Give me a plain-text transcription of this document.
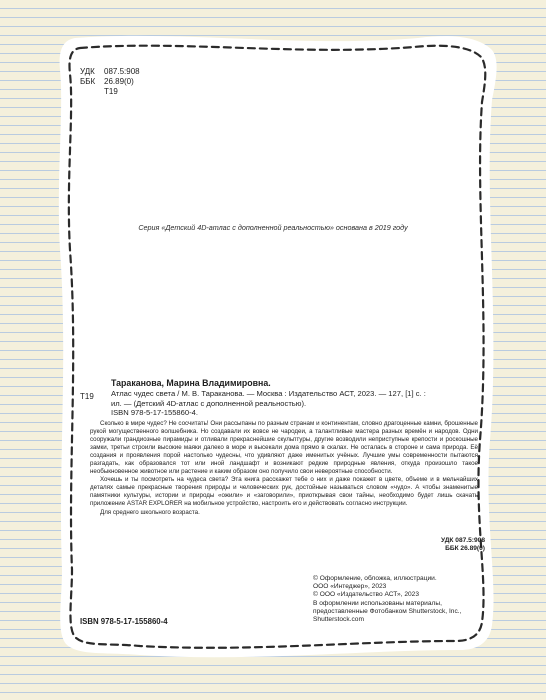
УДК	087.5:908
ББК	26.89(0)
Т19

Серия «Детский 4D-атлас с дополненной реальностью» основана в 2019 году

Тараканова, Марина Владимировна.

Т19 Атлас чудес света / М. В. Тараканова. — Москва : Издательство АСТ, 2023. — 127, [1] с. :
ил. — (Детский 4D-атлас с дополненной реальностью).
ISBN 978-5-17-155860-4.

Сколько в мире чудес? Не сосчитать! Они рассыпаны по разным странам и континентам, словно драгоценные камни, брошенные рукой могущественного волшебника. Но создавали их вовсе не чародеи, а талантливые мастера разных времён и народов. Одни сооружали грандиозные пирамиды и отливали прекраснейшие скульптуры, другие возводили неприступные крепости и роскошные замки, третьи строили высокие маяки далеко в море и высекали дома прямо в скалах. Не осталась в стороне и сама природа. Её создания и проявления порой настолько чудесны, что удивляют даже именитых учёных. Лучшие умы современности пытаются разгадать, как образовался тот или иной ландшафт и возникают редкие природные явления, откуда произошло такое необыкновенное животное или растение и каким образом оно получило свои невероятные способности.

Хочешь и ты посмотреть на чудеса света? Эта книга расскажет тебе о них и даже покажет в цвете, объеме и в мельчайших деталях самые прекрасные творения природы и человеческих рук, достойные называться словом «чудо». А чтобы знаменитые памятники культуры, истории и природы «ожили» и «заговорили», приоткрывая свои тайны, необходимо будет лишь скачать приложение ASTAR EXPLORER на мобильное устройство, настроить его и действовать согласно инструкции.

Для среднего школьного возраста.

УДК 087.5:908
ББК 26.89(0)
© Оформление, обложка, иллюстрации.
ООО «Интеджер», 2023
© ООО «Издательство АСТ», 2023
В оформлении использованы материалы,
предоставленные Фотобанком Shutterstock, Inc.,
Shutterstock.com

ISBN 978-5-17-155860-4
